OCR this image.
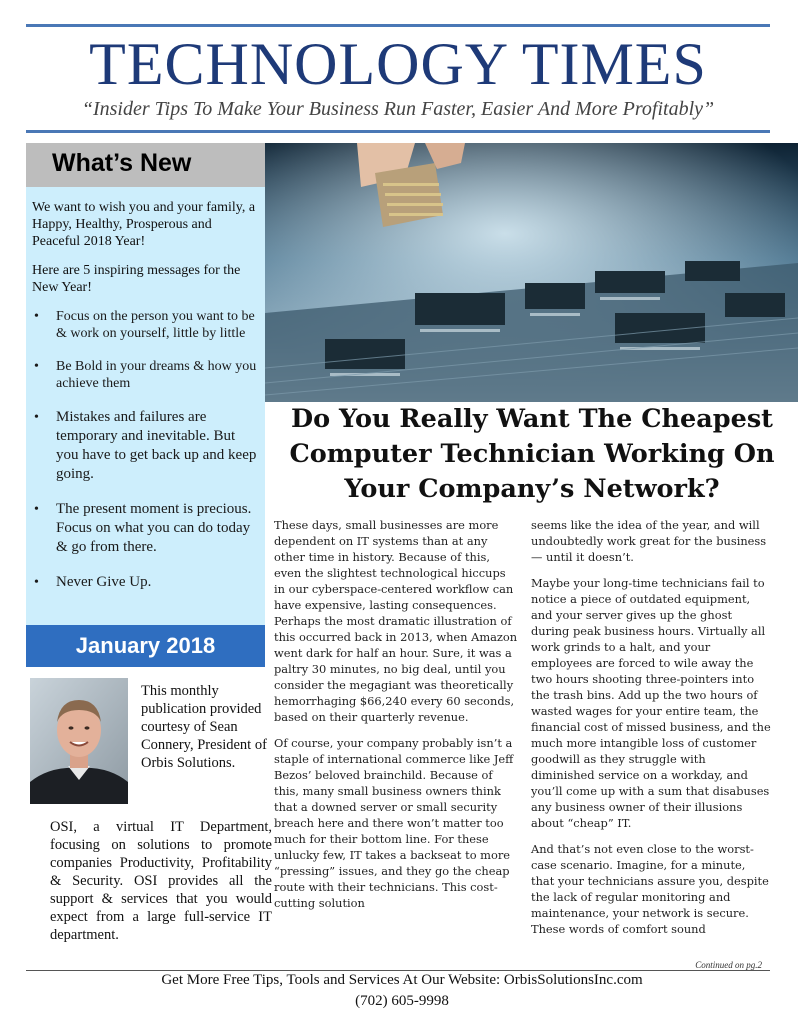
TECHNOLOGY TIMES
“Insider Tips To Make Your Business Run Faster, Easier And More Profitably”
What’s New

We want to wish you and your family, a Happy, Healthy, Prosperous and Peaceful 2018 Year!

Here are 5 inspiring messages for the New Year!

• Focus on the person you want to be & work on yourself, little by little
• Be Bold in your dreams & how you achieve them
• Mistakes and failures are temporary and inevitable. But you have to get back up and keep going.
• The present moment is precious. Focus on what you can do today & go from there.
• Never Give Up.
January 2018
This monthly publication provided courtesy of Sean Connery, President of Orbis Solutions.
OSI, a virtual IT Department, focusing on solutions to promote companies Productivity, Profitability & Security. OSI provides all the support & services that you would expect from a large full-service IT department.
Do You Really Want The Cheapest Computer Technician Working On Your Company’s Network?

These days, small businesses are more dependent on IT systems than at any other time in history. Because of this, even the slightest technological hiccups in our cyberspace-centered workflow can have expensive, lasting consequences. Perhaps the most dramatic illustration of this occurred back in 2013, when Amazon went dark for half an hour. Sure, it was a paltry 30 minutes, no big deal, until you consider the megagiant was theoretically hemorrhaging $66,240 every 60 seconds, based on their quarterly revenue.

Of course, your company probably isn’t a staple of international commerce like Jeff Bezos’ beloved brainchild. Because of this, many small business owners think that a downed server or small security breach here and there won’t matter too much for their bottom line. For these unlucky few, IT takes a backseat to more “pressing” issues, and they go the cheap route with their technicians. This cost-cutting solution

seems like the idea of the year, and will undoubtedly work great for the business — until it doesn’t.

Maybe your long-time technicians fail to notice a piece of outdated equipment, and your server gives up the ghost during peak business hours. Virtually all work grinds to a halt, and your employees are forced to wile away the two hours shooting three-pointers into the trash bins. Add up the two hours of wasted wages for your entire team, the financial cost of missed business, and the much more intangible loss of customer goodwill as they struggle with diminished service on a workday, and you’ll come up with a sum that disabuses any business owner of their illusions about “cheap” IT.

And that’s not even close to the worst-case scenario. Imagine, for a minute, that your technicians assure you, despite the lack of regular monitoring and maintenance, your network is secure. These words of comfort sound

Continued on pg.2
Get More Free Tips, Tools and Services At Our Website: OrbisSolutionsInc.com
(702) 605-9998
